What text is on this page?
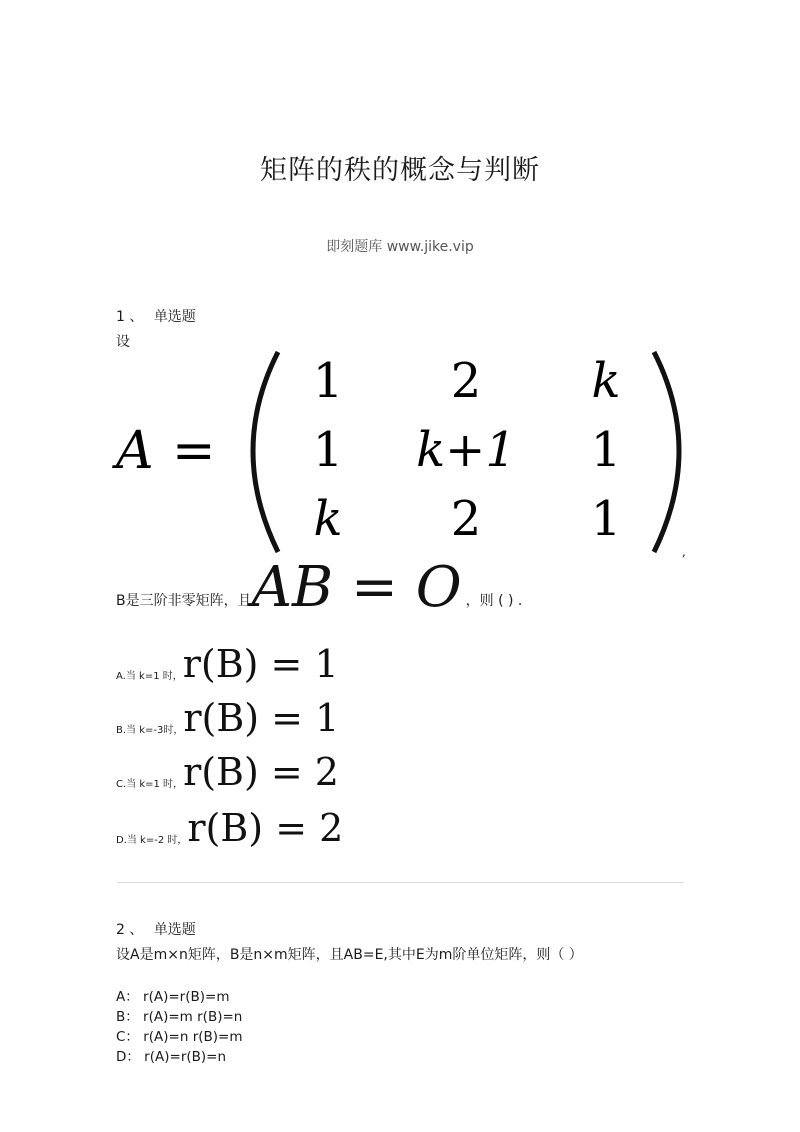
矩阵的秩的概念与判断
即刻题库 www.jike.vip
1 、 单选题
设
A =
1 2 k
1 k+1 1
k 2 1
,
B是三阶非零矩阵，且 AB = O ，则 ( ) .
A.当 k=1 时， r(B) = 1
B.当 k=-3时， r(B) = 1
C.当 k=1 时， r(B) = 2
D.当 k=-2 时， r(B) = 2
2 、 单选题
设A是m×n矩阵，B是n×m矩阵，且AB=E,其中E为m阶单位矩阵，则（ ）
A： r(A)=r(B)=m
B： r(A)=m r(B)=n
C： r(A)=n r(B)=m
D： r(A)=r(B)=n
